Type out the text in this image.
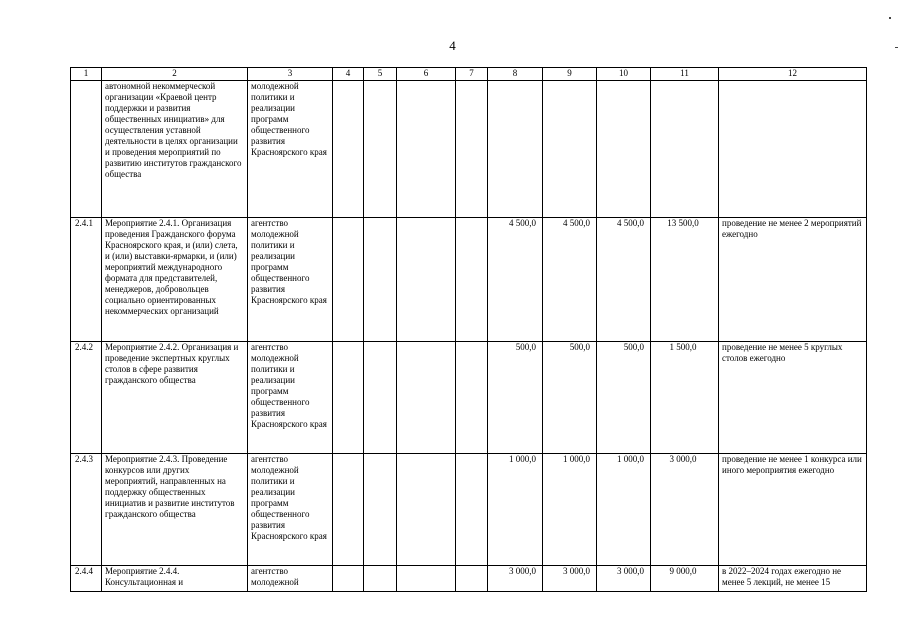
4
1	2	3	4	5	6	7	8	9	10	11	12
	автономной некоммерческой организации «Краевой центр поддержки и развития общественных инициатив» для осуществления уставной деятельности в целях организации и проведения мероприятий по развитию институтов гражданского общества	молодежной политики и реализации программ общественного развития Красноярского края									
2.4.1	Мероприятие 2.4.1. Организация проведения Гражданского форума Красноярского края, и (или) слета, и (или) выставки-ярмарки, и (или) мероприятий международного формата для представителей, менеджеров, добровольцев социально ориентированных некоммерческих организаций	агентство молодежной политики и реализации программ общественного развития Красноярского края					4 500,0	4 500,0	4 500,0	13 500,0	проведение не менее 2 мероприятий ежегодно
2.4.2	Мероприятие 2.4.2. Организация и проведение экспертных круглых столов в сфере развития гражданского общества	агентство молодежной политики и реализации программ общественного развития Красноярского края					500,0	500,0	500,0	1 500,0	проведение не менее 5 круглых столов ежегодно
2.4.3	Мероприятие 2.4.3. Проведение конкурсов или других мероприятий, направленных на поддержку общественных инициатив и развитие институтов гражданского общества	агентство молодежной политики и реализации программ общественного развития Красноярского края					1 000,0	1 000,0	1 000,0	3 000,0	проведение не менее 1 конкурса или иного мероприятия ежегодно
2.4.4	Мероприятие 2.4.4. Консультационная и	агентство молодежной					3 000,0	3 000,0	3 000,0	9 000,0	в 2022–2024 годах ежегодно не менее 5 лекций, не менее 15
